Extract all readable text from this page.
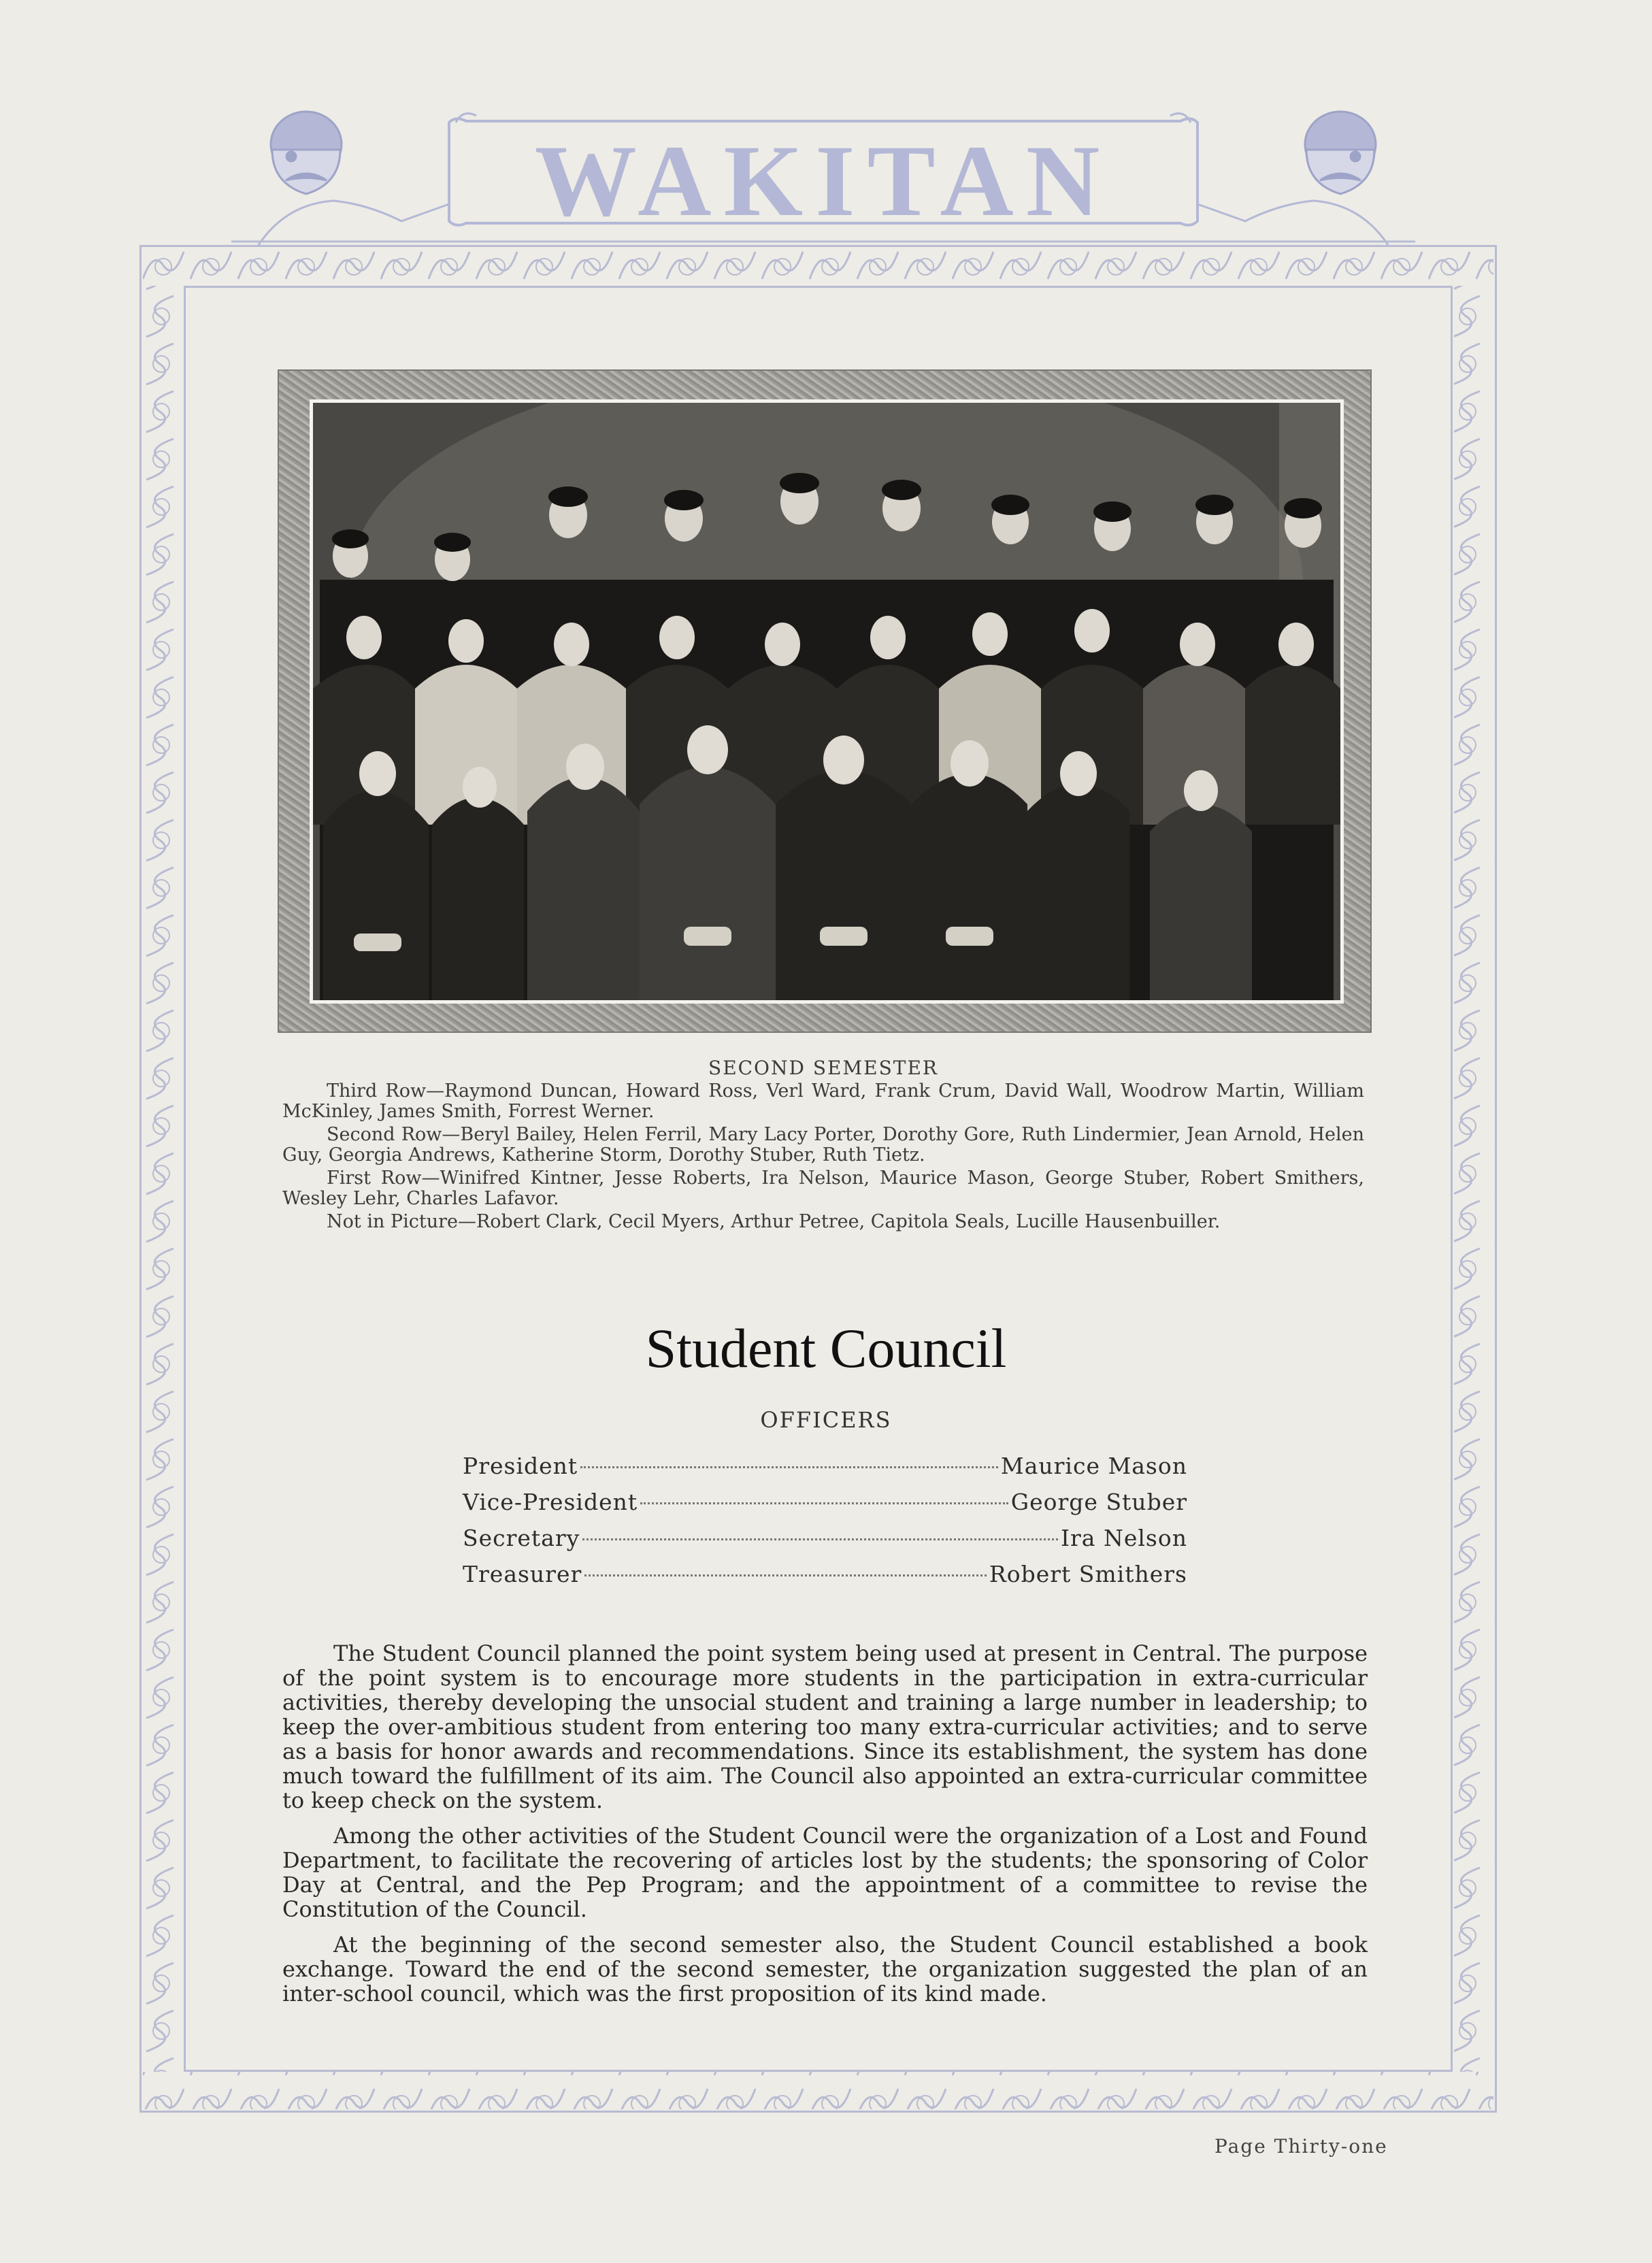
WAKITAN
SECOND SEMESTER

Third Row—Raymond Duncan, Howard Ross, Verl Ward, Frank Crum, David Wall, Woodrow Martin, William McKinley, James Smith, Forrest Werner.

Second Row—Beryl Bailey, Helen Ferril, Mary Lacy Porter, Dorothy Gore, Ruth Lindermier, Jean Arnold, Helen Guy, Georgia Andrews, Katherine Storm, Dorothy Stuber, Ruth Tietz.

First Row—Winifred Kintner, Jesse Roberts, Ira Nelson, Maurice Mason, George Stuber, Robert Smithers, Wesley Lehr, Charles Lafavor.

Not in Picture—Robert Clark, Cecil Myers, Arthur Petree, Capitola Seals, Lucille Hausenbuiller.

Student Council
OFFICERS
President	Maurice Mason
Vice-President	George Stuber
Secretary	Ira Nelson
Treasurer	Robert Smithers

The Student Council planned the point system being used at present in Central. The purpose of the point system is to encourage more students in the participation in extra-curricular activities, thereby developing the unsocial student and training a large number in leadership; to keep the over-ambitious student from entering too many extra-curricular activities; and to serve as a basis for honor awards and recommendations. Since its establishment, the system has done much toward the fulfillment of its aim. The Council also appointed an extra-curricular committee to keep check on the system.

Among the other activities of the Student Council were the organization of a Lost and Found Department, to facilitate the recovering of articles lost by the students; the sponsoring of Color Day at Central, and the Pep Program; and the appointment of a committee to revise the Constitution of the Council.

At the beginning of the second semester also, the Student Council established a book exchange. Toward the end of the second semester, the organization suggested the plan of an inter-school council, which was the first proposition of its kind made.

Page Thirty-one
